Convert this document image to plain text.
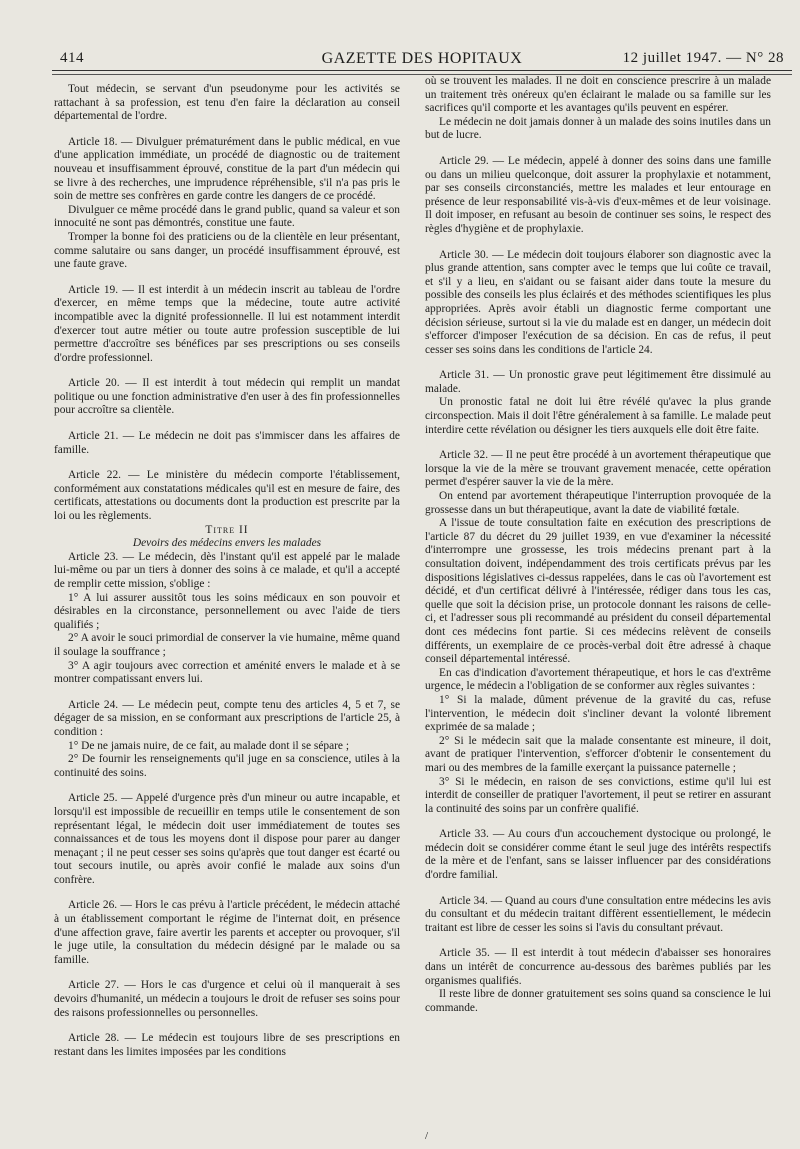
414	GAZETTE DES HOPITAUX	12 juillet 1947. — N° 28

Tout médecin, se servant d'un pseudonyme pour les activités se rattachant à sa profession, est tenu d'en faire la déclaration au conseil départemental de l'ordre.

Article 18. — Divulguer prématurément dans le public médical, en vue d'une application immédiate, un procédé de diagnostic ou de traitement nouveau et insuffisamment éprouvé, constitue de la part d'un médecin qui se livre à des recherches, une imprudence répréhensible, s'il n'a pas pris le soin de mettre ses confrères en garde contre les dangers de ce procédé.

Divulguer ce même procédé dans le grand public, quand sa valeur et son innocuité ne sont pas démontrés, constitue une faute.

Tromper la bonne foi des praticiens ou de la clientèle en leur présentant, comme salutaire ou sans danger, un procédé insuffisamment éprouvé, est une faute grave.

Article 19. — Il est interdit à un médecin inscrit au tableau de l'ordre d'exercer, en même temps que la médecine, toute autre activité incompatible avec la dignité professionnelle. Il lui est notamment interdit d'exercer tout autre métier ou toute autre profession susceptible de lui permettre d'accroître ses bénéfices par ses prescriptions ou ses conseils d'ordre professionnel.

Article 20. — Il est interdit à tout médecin qui remplit un mandat politique ou une fonction administrative d'en user à des fin professionnelles pour accroître sa clientèle.

Article 21. — Le médecin ne doit pas s'immiscer dans les affaires de famille.

Article 22. — Le ministère du médecin comporte l'établissement, conformément aux constatations médicales qu'il est en mesure de faire, des certificats, attestations ou documents dont la production est prescrite par la loi ou les règlements.

Titre II

Devoirs des médecins envers les malades

Article 23. — Le médecin, dès l'instant qu'il est appelé par le malade lui-même ou par un tiers à donner des soins à ce malade, et qu'il a accepté de remplir cette mission, s'oblige :

1° A lui assurer aussitôt tous les soins médicaux en son pouvoir et désirables en la circonstance, personnellement ou avec l'aide de tiers qualifiés ;

2° A avoir le souci primordial de conserver la vie humaine, même quand il soulage la souffrance ;

3° A agir toujours avec correction et aménité envers le malade et à se montrer compatissant envers lui.

Article 24. — Le médecin peut, compte tenu des articles 4, 5 et 7, se dégager de sa mission, en se conformant aux prescriptions de l'article 25, à condition :

1° De ne jamais nuire, de ce fait, au malade dont il se sépare ;

2° De fournir les renseignements qu'il juge en sa conscience, utiles à la continuité des soins.

Article 25. — Appelé d'urgence près d'un mineur ou autre incapable, et lorsqu'il est impossible de recueillir en temps utile le consentement de son représentant légal, le médecin doit user immédiatement de toutes ses connaissances et de tous les moyens dont il dispose pour parer au danger menaçant ; il ne peut cesser ses soins qu'après que tout danger est écarté ou tout secours inutile, ou après avoir confié le malade aux soins d'un confrère.

Article 26. — Hors le cas prévu à l'article précédent, le médecin attaché à un établissement comportant le régime de l'internat doit, en présence d'une affection grave, faire avertir les parents et accepter ou provoquer, s'il le juge utile, la consultation du médecin désigné par le malade ou sa famille.

Article 27. — Hors le cas d'urgence et celui où il manquerait à ses devoirs d'humanité, un médecin a toujours le droit de refuser ses soins pour des raisons professionnelles ou personnelles.

Article 28. — Le médecin est toujours libre de ses prescriptions en restant dans les limites imposées par les conditions

où se trouvent les malades. Il ne doit en conscience prescrire à un malade un traitement très onéreux qu'en éclairant le malade ou sa famille sur les sacrifices qu'il comporte et les avantages qu'ils peuvent en espérer.

Le médecin ne doit jamais donner à un malade des soins inutiles dans un but de lucre.

Article 29. — Le médecin, appelé à donner des soins dans une famille ou dans un milieu quelconque, doit assurer la prophylaxie et notamment, par ses conseils circonstanciés, mettre les malades et leur entourage en présence de leur responsabilité vis-à-vis d'eux-mêmes et de leur voisinage. Il doit imposer, en refusant au besoin de continuer ses soins, le respect des règles d'hygiène et de prophylaxie.

Article 30. — Le médecin doit toujours élaborer son diagnostic avec la plus grande attention, sans compter avec le temps que lui coûte ce travail, et s'il y a lieu, en s'aidant ou se faisant aider dans toute la mesure du possible des conseils les plus éclairés et des méthodes scientifiques les plus appropriées. Après avoir établi un diagnostic ferme comportant une décision sérieuse, surtout si la vie du malade est en danger, un médecin doit s'efforcer d'imposer l'exécution de sa décision. En cas de refus, il peut cesser ses soins dans les conditions de l'article 24.

Article 31. — Un pronostic grave peut légitimement être dissimulé au malade.

Un pronostic fatal ne doit lui être révélé qu'avec la plus grande circonspection. Mais il doit l'être généralement à sa famille. Le malade peut interdire cette révélation ou désigner les tiers auxquels elle doit être faite.

Article 32. — Il ne peut être procédé à un avortement thérapeutique que lorsque la vie de la mère se trouvant gravement menacée, cette opération permet d'espérer sauver la vie de la mère.

On entend par avortement thérapeutique l'interruption provoquée de la grossesse dans un but thérapeutique, avant la date de viabilité fœtale.

A l'issue de toute consultation faite en exécution des prescriptions de l'article 87 du décret du 29 juillet 1939, en vue d'examiner la nécessité d'interrompre une grossesse, les trois médecins prenant part à la consultation doivent, indépendamment des trois certificats prévus par les dispositions législatives ci-dessus rappelées, dans le cas où l'avortement est décidé, et d'un certificat délivré à l'intéressée, rédiger dans tous les cas, quelle que soit la décision prise, un protocole donnant les raisons de celle-ci, et l'adresser sous pli recommandé au président du conseil départemental dont ces médecins font partie. Si ces médecins relèvent de conseils différents, un exemplaire de ce procès-verbal doit être adressé à chaque conseil départemental intéressé.

En cas d'indication d'avortement thérapeutique, et hors le cas d'extrême urgence, le médecin a l'obligation de se conformer aux règles suivantes :

1° Si la malade, dûment prévenue de la gravité du cas, refuse l'intervention, le médecin doit s'incliner devant la volonté librement exprimée de sa malade ;

2° Si le médecin sait que la malade consentante est mineure, il doit, avant de pratiquer l'intervention, s'efforcer d'obtenir le consentement du mari ou des membres de la famille exerçant la puissance paternelle ;

3° Si le médecin, en raison de ses convictions, estime qu'il lui est interdit de conseiller de pratiquer l'avortement, il peut se retirer en assurant la continuité des soins par un confrère qualifié.

Article 33. — Au cours d'un accouchement dystocique ou prolongé, le médecin doit se considérer comme étant le seul juge des intérêts respectifs de la mère et de l'enfant, sans se laisser influencer par des considérations d'ordre familial.

Article 34. — Quand au cours d'une consultation entre médecins les avis du consultant et du médecin traitant diffèrent essentiellement, le médecin traitant est libre de cesser les soins si l'avis du consultant prévaut.

Article 35. — Il est interdit à tout médecin d'abaisser ses honoraires dans un intérêt de concurrence au-dessous des barèmes publiés par les organismes qualifiés.

Il reste libre de donner gratuitement ses soins quand sa conscience le lui commande.

/
